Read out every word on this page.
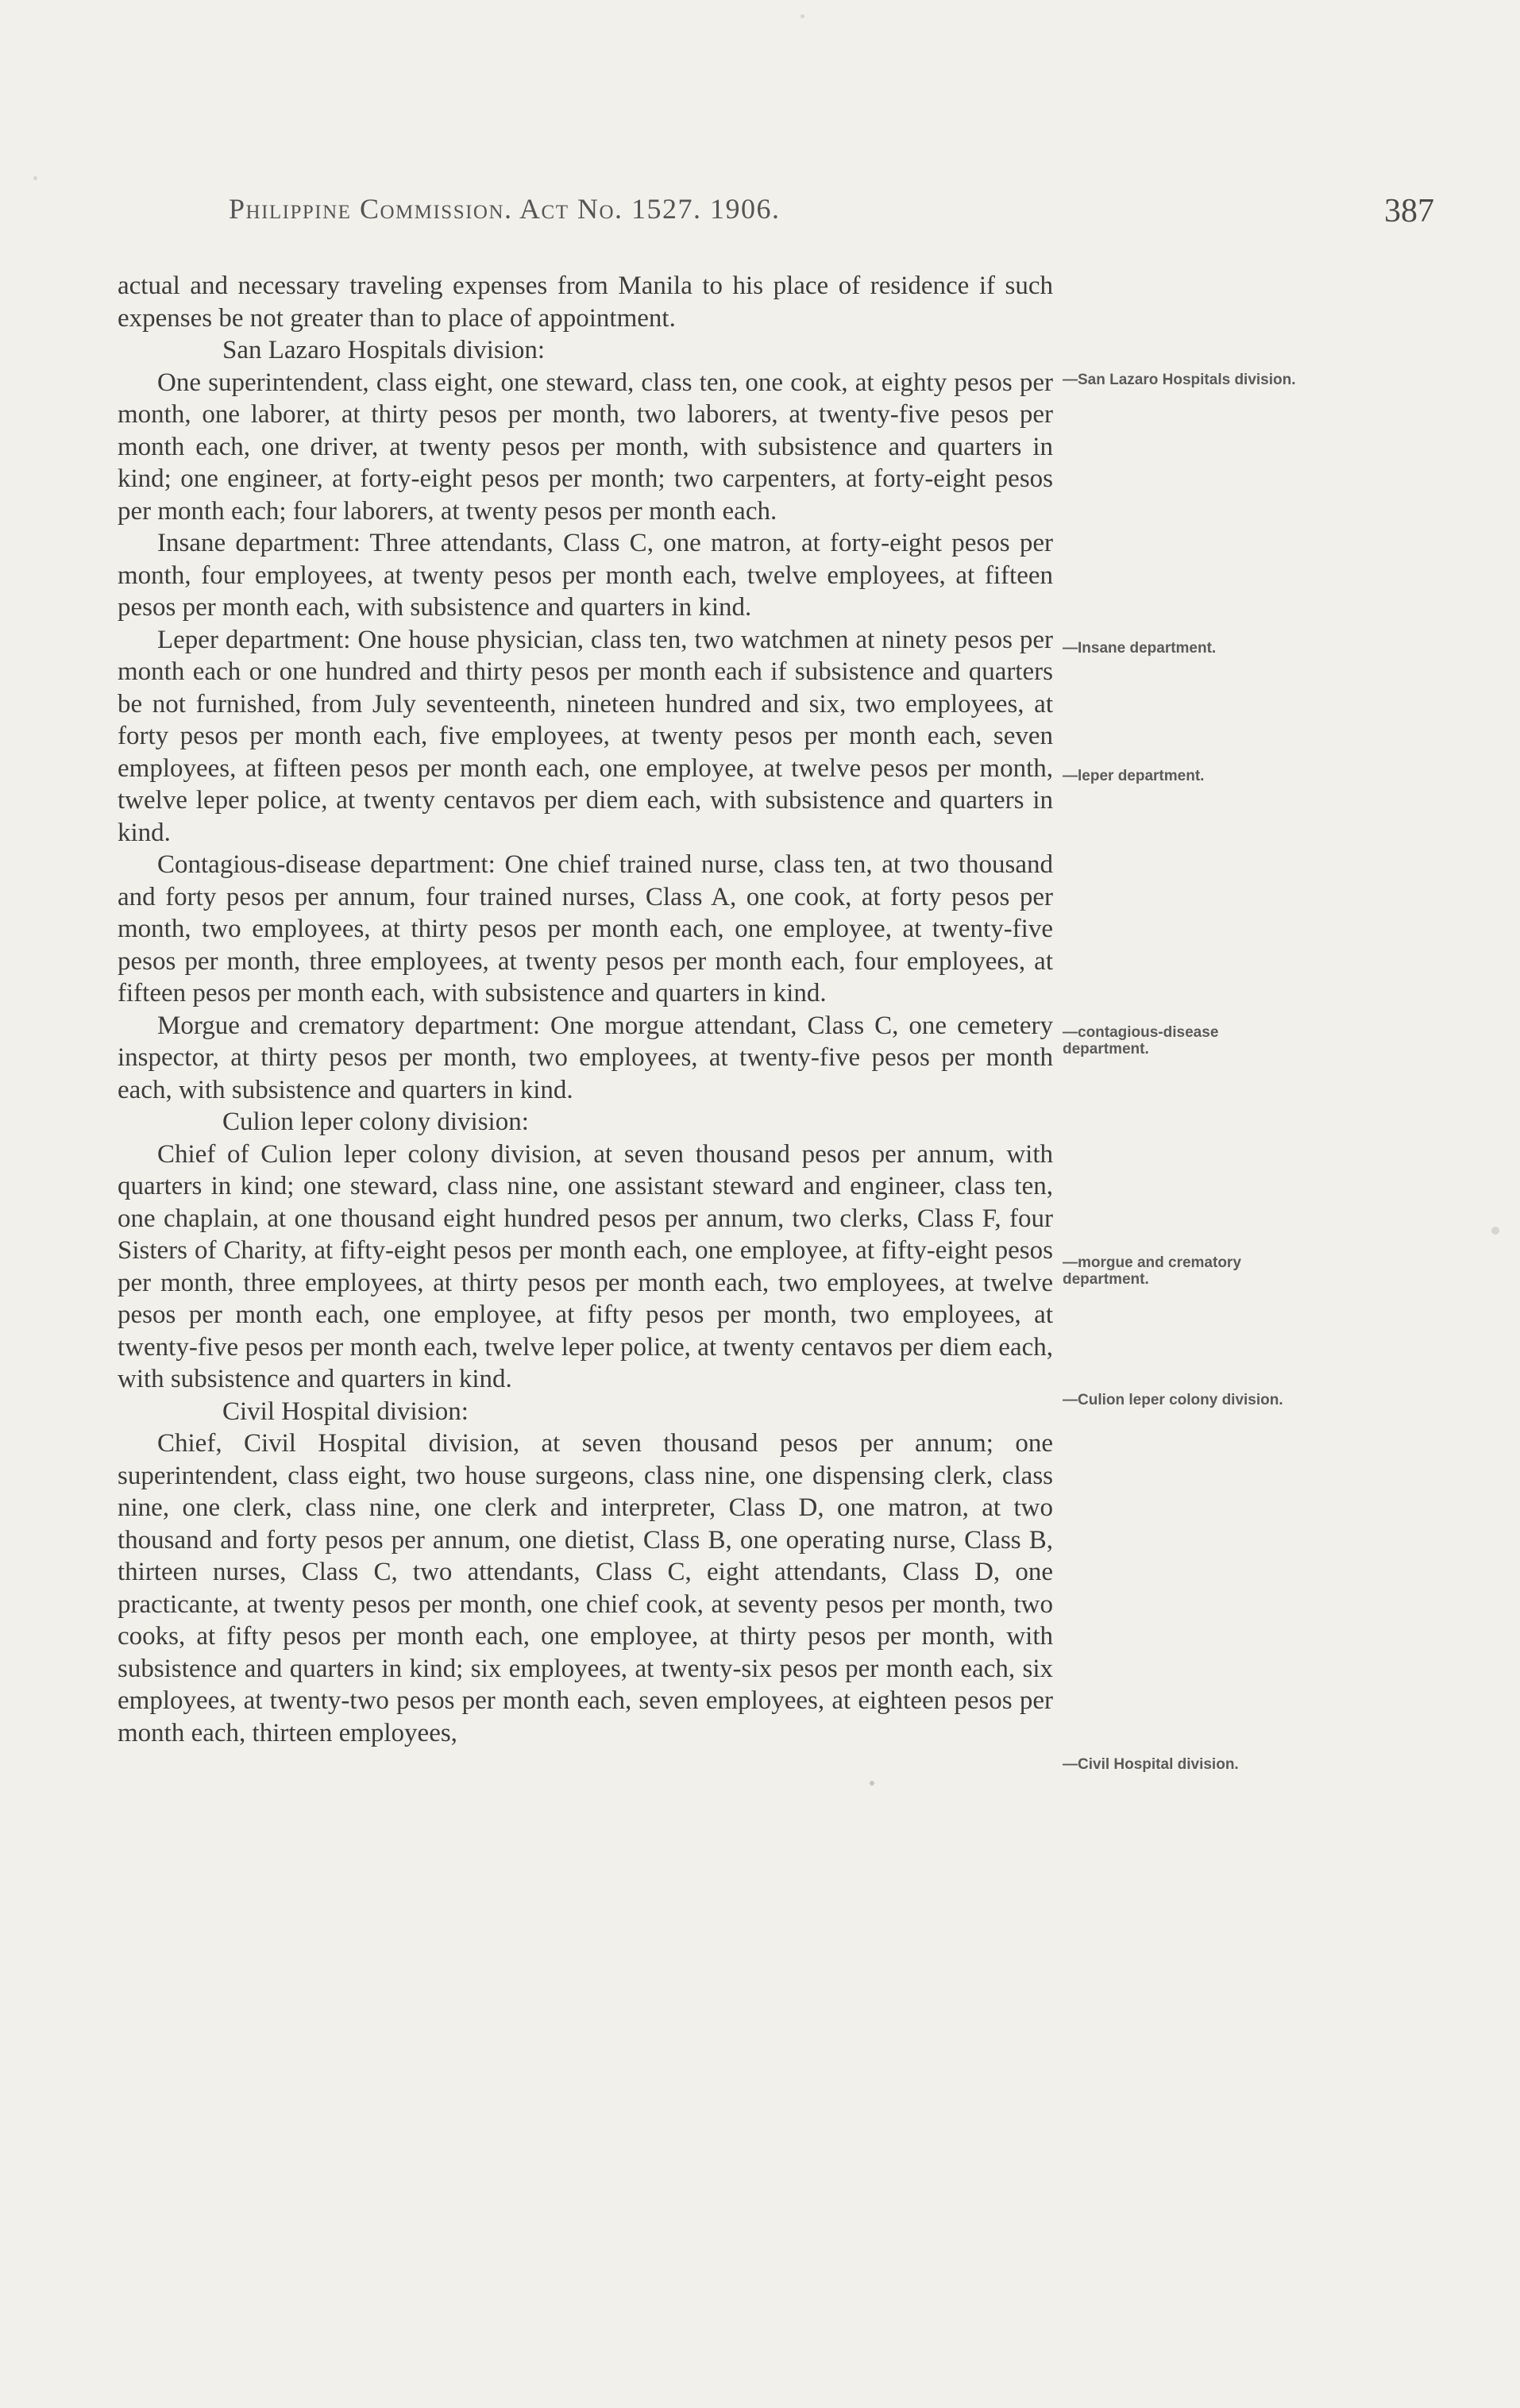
Philippine Commission. Act No. 1527. 1906.	387

actual and necessary traveling expenses from Manila to his place of residence if such expenses be not greater than to place of appointment.

San Lazaro Hospitals division:

One superintendent, class eight, one steward, class ten, one cook, at eighty pesos per month, one laborer, at thirty pesos per month, two laborers, at twenty-five pesos per month each, one driver, at twenty pesos per month, with subsistence and quarters in kind; one engineer, at forty-eight pesos per month; two carpenters, at forty-eight pesos per month each; four laborers, at twenty pesos per month each.

Insane department: Three attendants, Class C, one matron, at forty-eight pesos per month, four employees, at twenty pesos per month each, twelve employees, at fifteen pesos per month each, with subsistence and quarters in kind.

Leper department: One house physician, class ten, two watchmen at ninety pesos per month each or one hundred and thirty pesos per month each if subsistence and quarters be not furnished, from July seventeenth, nineteen hundred and six, two employees, at forty pesos per month each, five employees, at twenty pesos per month each, seven employees, at fifteen pesos per month each, one employee, at twelve pesos per month, twelve leper police, at twenty centavos per diem each, with subsistence and quarters in kind.

Contagious-disease department: One chief trained nurse, class ten, at two thousand and forty pesos per annum, four trained nurses, Class A, one cook, at forty pesos per month, two employees, at thirty pesos per month each, one employee, at twenty-five pesos per month, three employees, at twenty pesos per month each, four employees, at fifteen pesos per month each, with subsistence and quarters in kind.

Morgue and crematory department: One morgue attendant, Class C, one cemetery inspector, at thirty pesos per month, two employees, at twenty-five pesos per month each, with subsistence and quarters in kind.

Culion leper colony division:

Chief of Culion leper colony division, at seven thousand pesos per annum, with quarters in kind; one steward, class nine, one assistant steward and engineer, class ten, one chaplain, at one thousand eight hundred pesos per annum, two clerks, Class F, four Sisters of Charity, at fifty-eight pesos per month each, one employee, at fifty-eight pesos per month, three employees, at thirty pesos per month each, two employees, at twelve pesos per month each, one employee, at fifty pesos per month, two employees, at twenty-five pesos per month each, twelve leper police, at twenty centavos per diem each, with subsistence and quarters in kind.

Civil Hospital division:

Chief, Civil Hospital division, at seven thousand pesos per annum; one superintendent, class eight, two house surgeons, class nine, one dispensing clerk, class nine, one clerk, class nine, one clerk and interpreter, Class D, one matron, at two thousand and forty pesos per annum, one dietist, Class B, one operating nurse, Class B, thirteen nurses, Class C, two attendants, Class C, eight attendants, Class D, one practicante, at twenty pesos per month, one chief cook, at seventy pesos per month, two cooks, at fifty pesos per month each, one employee, at thirty pesos per month, with subsistence and quarters in kind; six employees, at twenty-six pesos per month each, six employees, at twenty-two pesos per month each, seven employees, at eighteen pesos per month each, thirteen employees,

—San Lazaro Hospitals division.
—Insane department.
—leper department.
—contagious-disease department.
—morgue and crematory department.
—Culion leper colony division.
—Civil Hospital division.
